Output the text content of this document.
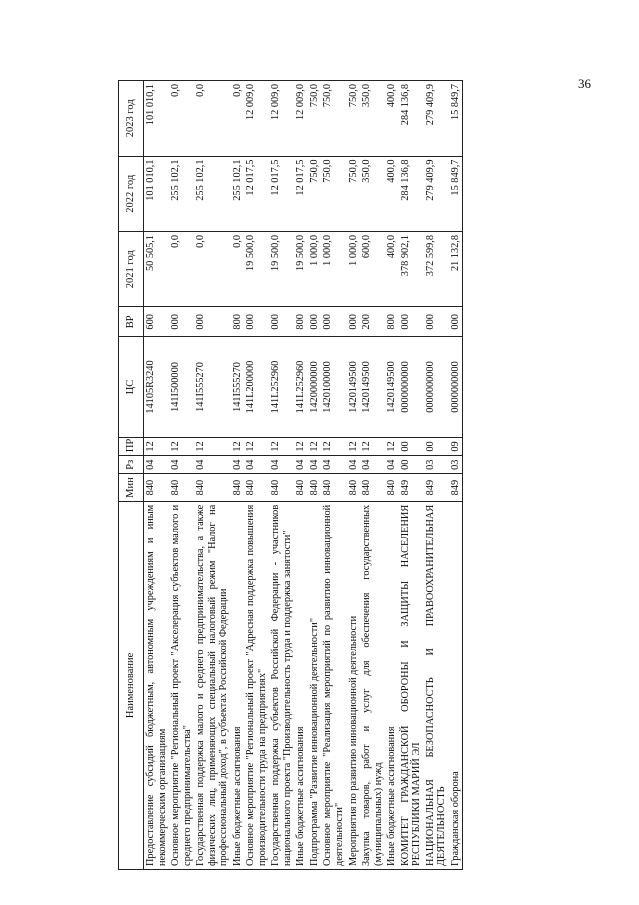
36
Наименование	Мин	Рз	ПР	ЦС	ВР	2021 год	2022 год	2023 год
Предоставление субсидий бюджетным, автономным учреждениям и иным некоммерческим организациям	840	04	12	14105R3240	600	50 505,1	101 010,1	101 010,1
Основное мероприятие "Региональный проект "Акселерация субъектов малого и среднего предпринимательства"	840	04	12	141I500000	000	0,0	255 102,1	0,0
Государственная поддержка малого и среднего предпринимательства, а также физических лиц, применяющих специальный налоговый режим "Налог на профессиональный доход", в субъектах Российской Федерации	840	04	12	141I555270	000	0,0	255 102,1	0,0
Иные бюджетные ассигнования	840	04	12	141I555270	800	0,0	255 102,1	0,0
Основное мероприятие "Региональный проект "Адресная поддержка повышения производительности труда на предприятиях"	840	04	12	141L200000	000	19 500,0	12 017,5	12 009,0
Государственная поддержка субъектов Российской Федерации - участников национального проекта "Производительность труда и поддержка занятости"	840	04	12	141L252960	000	19 500,0	12 017,5	12 009,0
Иные бюджетные ассигнования	840	04	12	141L252960	800	19 500,0	12 017,5	12 009,0
Подпрограмма "Развитие инновационной деятельности"	840	04	12	1420000000	000	1 000,0	750,0	750,0
Основное мероприятие "Реализация мероприятий по развитию инновационной деятельности"	840	04	12	1420100000	000	1 000,0	750,0	750,0
Мероприятия по развитию инновационной деятельности	840	04	12	1420149500	000	1 000,0	750,0	750,0
Закупка товаров, работ и услуг для обеспечения государственных (муниципальных) нужд	840	04	12	1420149500	200	600,0	350,0	350,0
Иные бюджетные ассигнования	840	04	12	1420149500	800	400,0	400,0	400,0
КОМИТЕТ ГРАЖДАНСКОЙ ОБОРОНЫ И ЗАЩИТЫ НАСЕЛЕНИЯ РЕСПУБЛИКИ МАРИЙ ЭЛ	849	00	00	0000000000	000	378 902,1	284 136,8	284 136,8
НАЦИОНАЛЬНАЯ БЕЗОПАСНОСТЬ И ПРАВООХРАНИТЕЛЬНАЯ ДЕЯТЕЛЬНОСТЬ	849	03	00	0000000000	000	372 599,8	279 409,9	279 409,9
Гражданская оборона	849	03	09	0000000000	000	21 132,8	15 849,7	15 849,7
